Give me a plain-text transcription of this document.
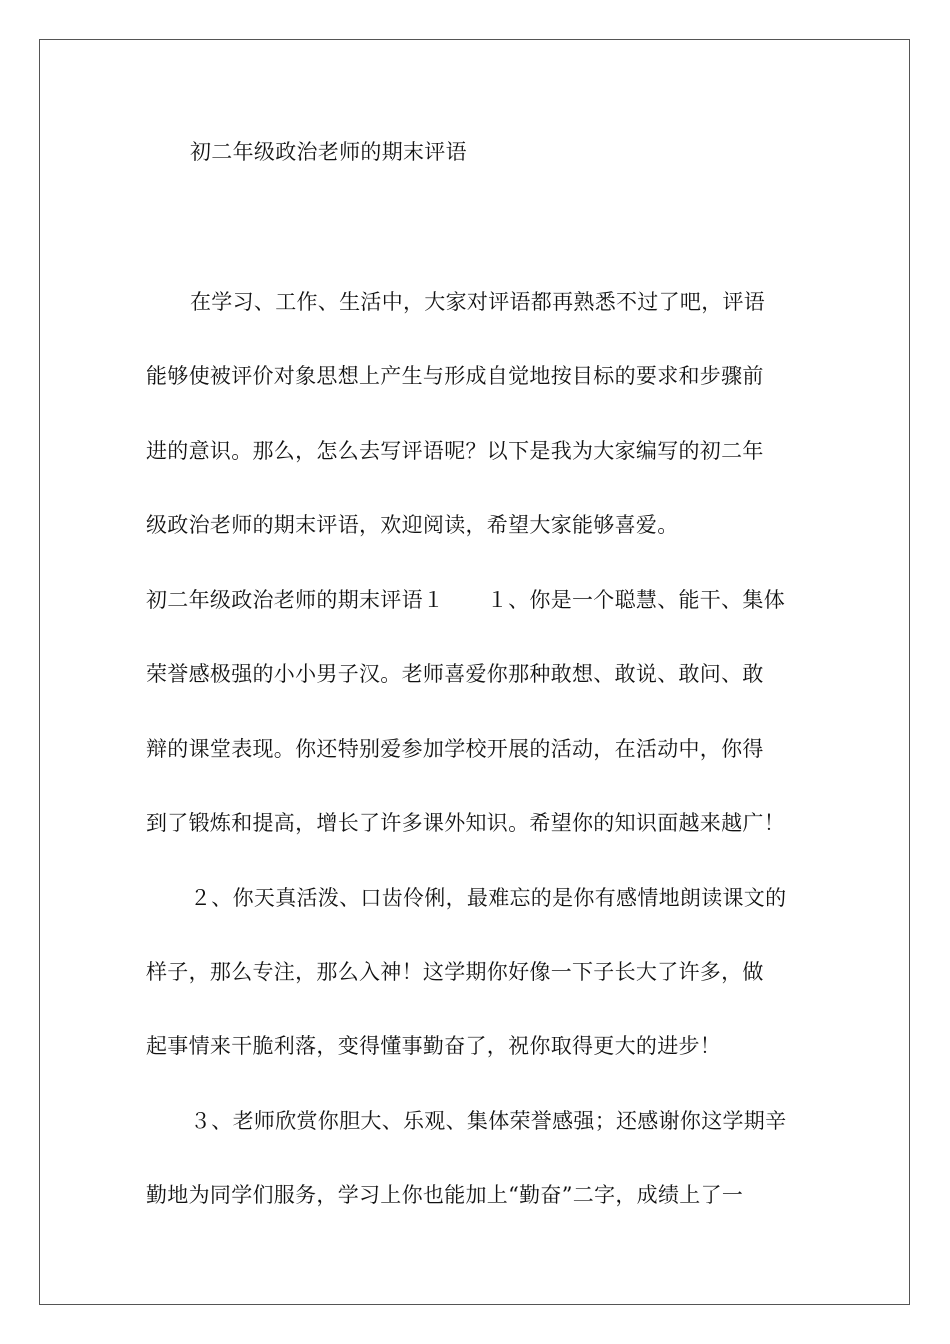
初二年级政治老师的期末评语
在学习、工作、生活中，大家对评语都再熟悉不过了吧，评语
能够使被评价对象思想上产生与形成自觉地按目标的要求和步骤前
进的意识。那么，怎么去写评语呢？以下是我为大家编写的初二年
级政治老师的期末评语，欢迎阅读，希望大家能够喜爱。
初二年级政治老师的期末评语１　　１、你是一个聪慧、能干、集体
荣誉感极强的小小男子汉。老师喜爱你那种敢想、敢说、敢问、敢
辩的课堂表现。你还特别爱参加学校开展的活动，在活动中，你得
到了锻炼和提高，增长了许多课外知识。希望你的知识面越来越广！
２、你天真活泼、口齿伶俐，最难忘的是你有感情地朗读课文的
样子，那么专注，那么入神！这学期你好像一下子长大了许多，做
起事情来干脆利落，变得懂事勤奋了，祝你取得更大的进步！
３、老师欣赏你胆大、乐观、集体荣誉感强；还感谢你这学期辛
勤地为同学们服务，学习上你也能加上“勤奋”二字，成绩上了一
